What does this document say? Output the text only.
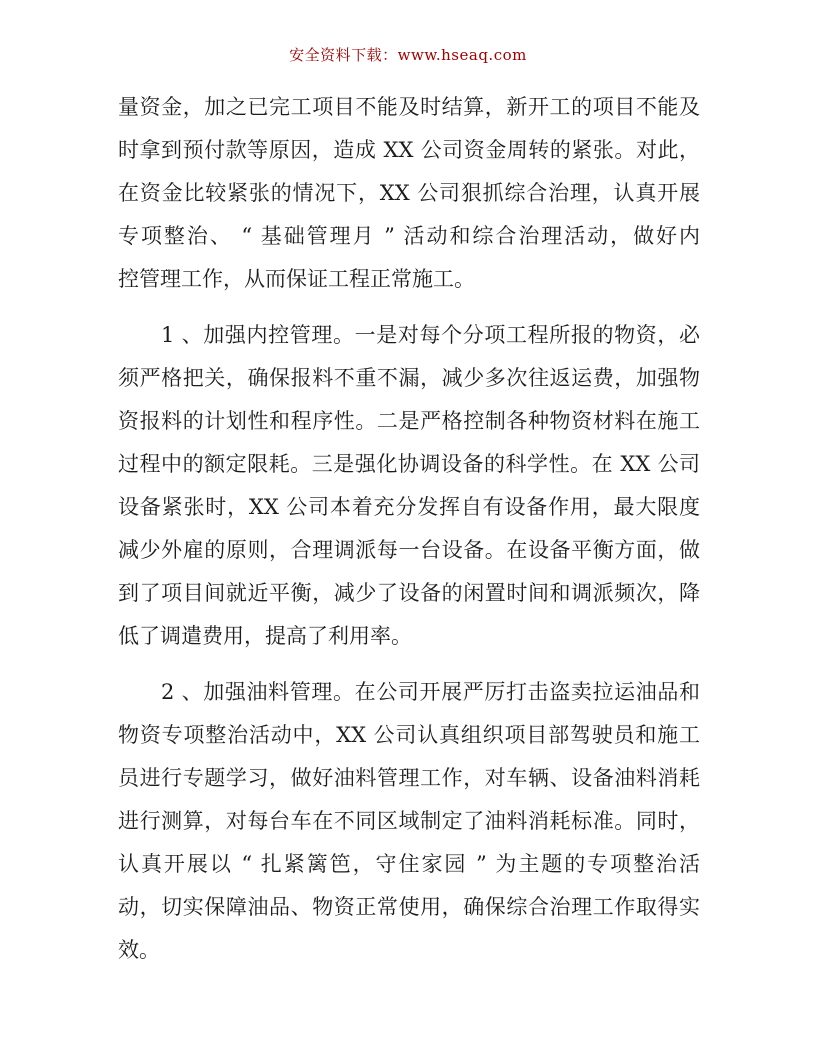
安全资料下载：www.hseaq.com
量资金，加之已完工项目不能及时结算，新开工的项目不能及
时拿到预付款等原因，造成 XX 公司资金周转的紧张。对此，
在资金比较紧张的情况下，XX 公司狠抓综合治理，认真开展
专项整治、 “ 基础管理月 ” 活动和综合治理活动，做好内
控管理工作，从而保证工程正常施工。
1 、加强内控管理。一是对每个分项工程所报的物资，必
须严格把关，确保报料不重不漏，减少多次往返运费，加强物
资报料的计划性和程序性。二是严格控制各种物资材料在施工
过程中的额定限耗。三是强化协调设备的科学性。在 XX 公司
设备紧张时，XX 公司本着充分发挥自有设备作用，最大限度
减少外雇的原则，合理调派每一台设备。在设备平衡方面，做
到了项目间就近平衡，减少了设备的闲置时间和调派频次，降
低了调遣费用，提高了利用率。
2 、加强油料管理。在公司开展严厉打击盗卖拉运油品和
物资专项整治活动中，XX 公司认真组织项目部驾驶员和施工
员进行专题学习，做好油料管理工作，对车辆、设备油料消耗
进行测算，对每台车在不同区域制定了油料消耗标准。同时，
认真开展以 “ 扎紧篱笆，守住家园 ” 为主题的专项整治活
动，切实保障油品、物资正常使用，确保综合治理工作取得实
效。
